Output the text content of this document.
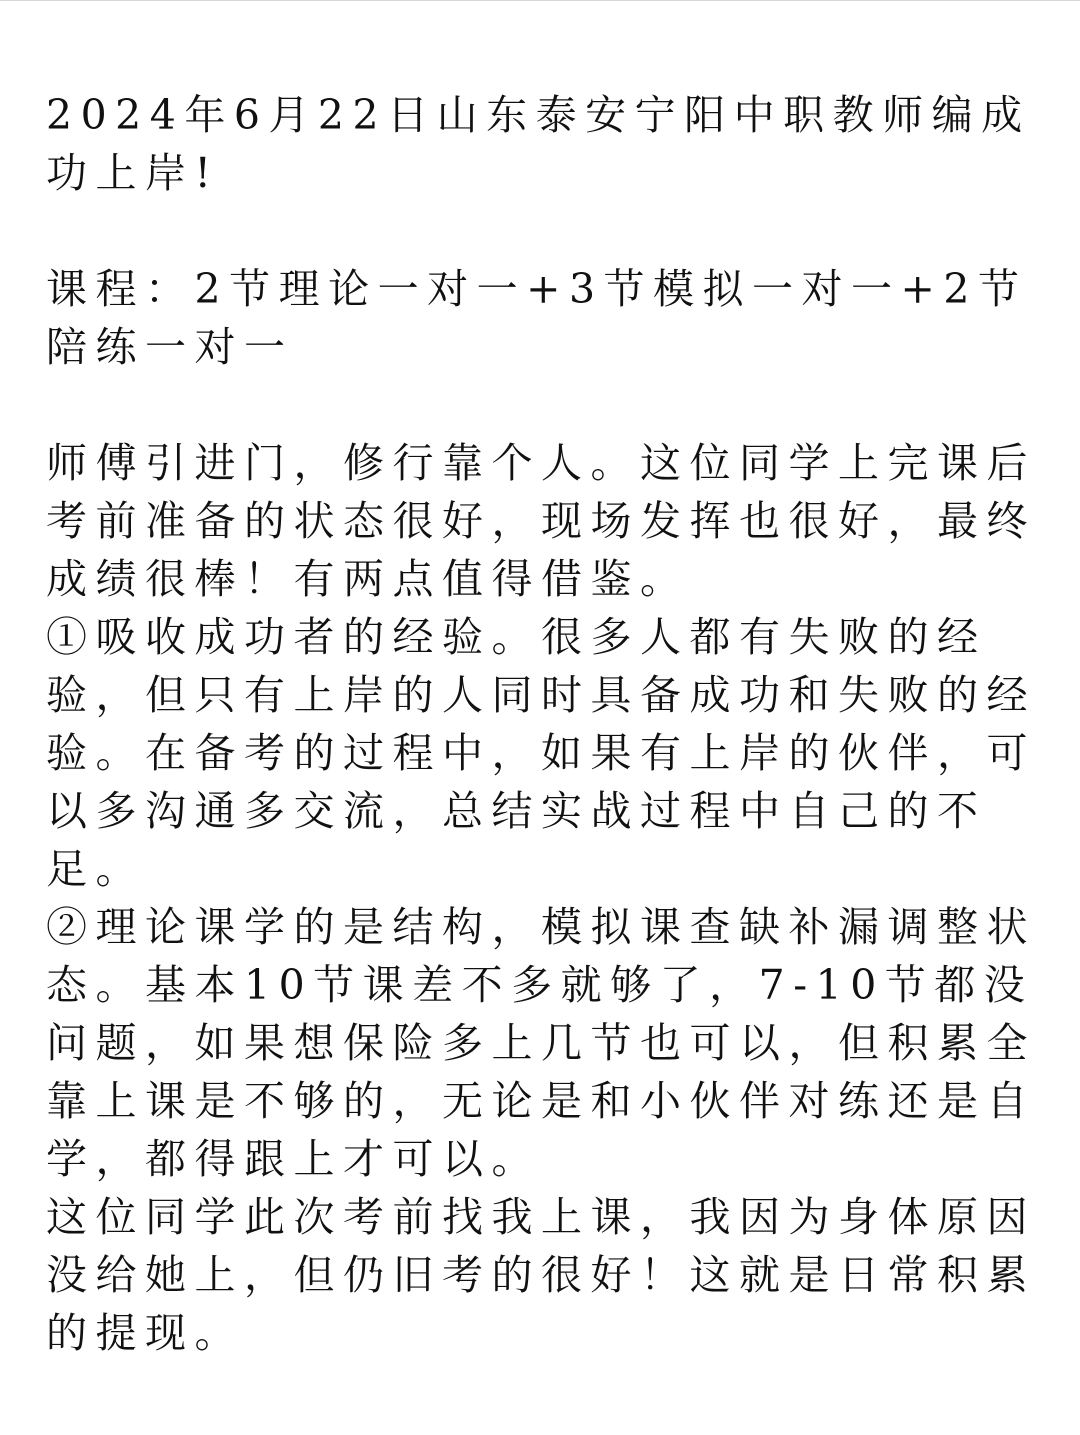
2024年6月22日山东泰安宁阳中职教师编成功上岸!

课程：2节理论一对一+3节模拟一对一+2节陪练一对一

师傅引进门，修行靠个人。这位同学上完课后考前准备的状态很好，现场发挥也很好，最终成绩很棒！有两点值得借鉴。

①吸收成功者的经验。很多人都有失败的经验，但只有上岸的人同时具备成功和失败的经验。在备考的过程中，如果有上岸的伙伴，可以多沟通多交流，总结实战过程中自己的不足。

②理论课学的是结构，模拟课查缺补漏调整状态。基本10节课差不多就够了，7-10节都没问题，如果想保险多上几节也可以，但积累全靠上课是不够的，无论是和小伙伴对练还是自学，都得跟上才可以。

这位同学此次考前找我上课，我因为身体原因没给她上，但仍旧考的很好！这就是日常积累的提现。
